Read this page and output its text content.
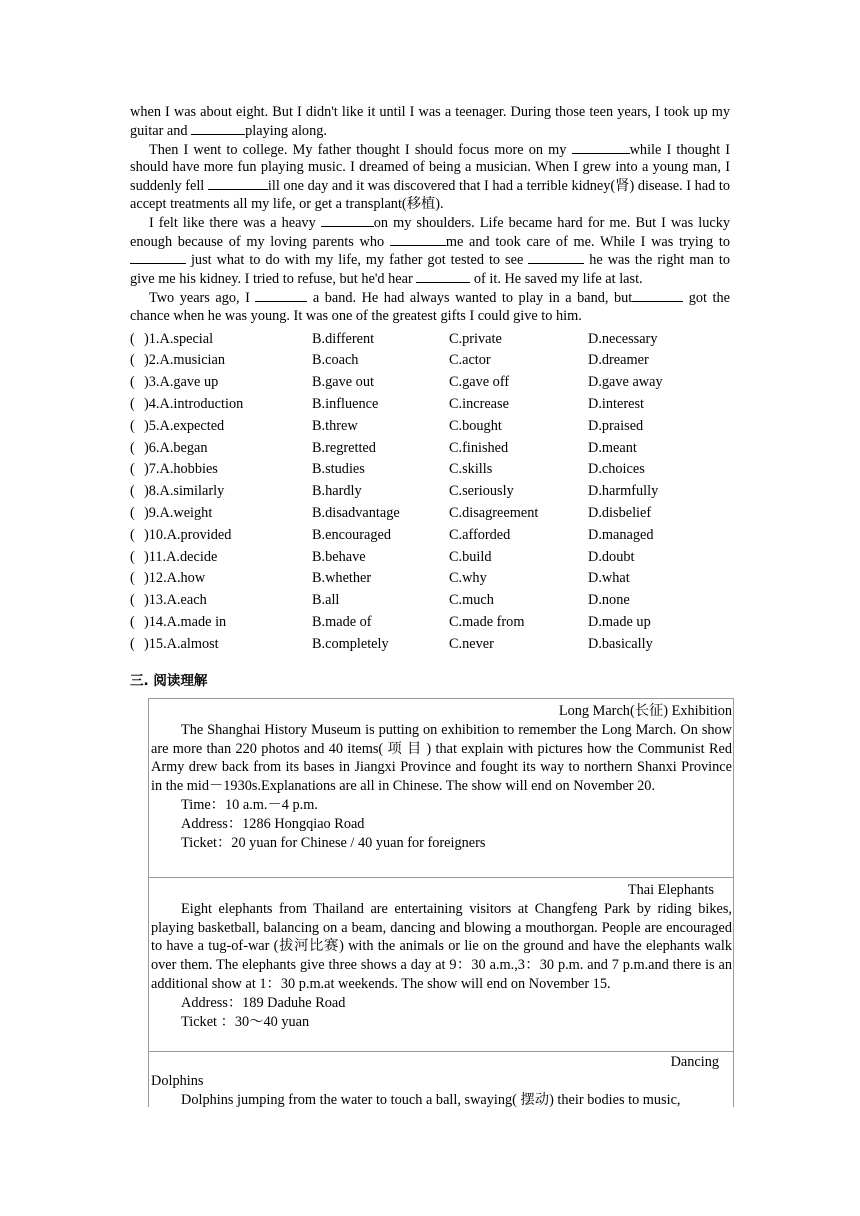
when I was about eight. But I didn't like it until I was a teenager. During those teen years, I took up my guitar and	playing along.

Then I went to college. My father thought I should focus more on my	while I thought I should have more fun playing music. I dreamed of being a musician. When I grew into a young man, I suddenly fell	ill one day and it was discovered that I had a terrible kidney(肾) disease. I had to accept treatments all my life, or get a transplant(移植).

I felt like there was a heavy	on my shoulders. Life became hard for me. But I was lucky enough because of my loving parents who	me and took care of me. While I was trying to  just what to do with my life, my father got tested to see	he was the right man to give me his kidney. I tried to refuse, but he'd hear	of it. He saved my life at last.

Two years ago, I	a band. He had always wanted to play in a band, but	got the chance when he was young. It was one of the greatest gifts I could give to him.

( )1.A.special	B.different	C.private	D.necessary
( )2.A.musician	B.coach	C.actor	D.dreamer
( )3.A.gave up	B.gave out	C.gave off	D.gave away
( )4.A.introduction	B.influence	C.increase	D.interest
( )5.A.expected	B.threw	C.bought	D.praised
( )6.A.began	B.regretted	C.finished	D.meant
( )7.A.hobbies	B.studies	C.skills	D.choices
( )8.A.similarly	B.hardly	C.seriously	D.harmfully
( )9.A.weight	B.disadvantage	C.disagreement	D.disbelief
( )10.A.provided	B.encouraged	C.afforded	D.managed
( )11.A.decide	B.behave	C.build	D.doubt
( )12.A.how	B.whether	C.why	D.what
( )13.A.each	B.all	C.much	D.none
( )14.A.made in	B.made of	C.made from	D.made up
( )15.A.almost	B.completely	C.never	D.basically
三. 阅读理解

Long March(长征) Exhibition

The Shanghai History Museum is putting on exhibition to remember the Long March. On show are more than 220 photos and 40 items( 项 目 ) that explain with pictures how the Communist Red Army drew back from its bases in Jiangxi Province and fought its way to northern Shanxi Province in the mid－1930s.Explanations are all in Chinese. The show will end on November 20.

Time：10 a.m.－4 p.m.

Address：1286 Hongqiao Road

Ticket：20 yuan for Chinese / 40 yuan for foreigners

Thai Elephants

Eight elephants from Thailand are entertaining visitors at Changfeng Park by riding bikes, playing basketball, balancing on a beam, dancing and blowing a mouthorgan. People are encouraged to have a tug-of-war (拔河比赛) with the animals or lie on the ground and have the elephants walk over them. The elephants give three shows a day at 9：30 a.m.,3：30 p.m. and 7 p.m.and there is an additional show at 1：30 p.m.at weekends. The show will end on November 15.

Address：189 Daduhe Road

Ticket ：30～40 yuan

Dancing

Dolphins

Dolphins jumping from the water to touch a ball, swaying( 摆动) their bodies to music,
